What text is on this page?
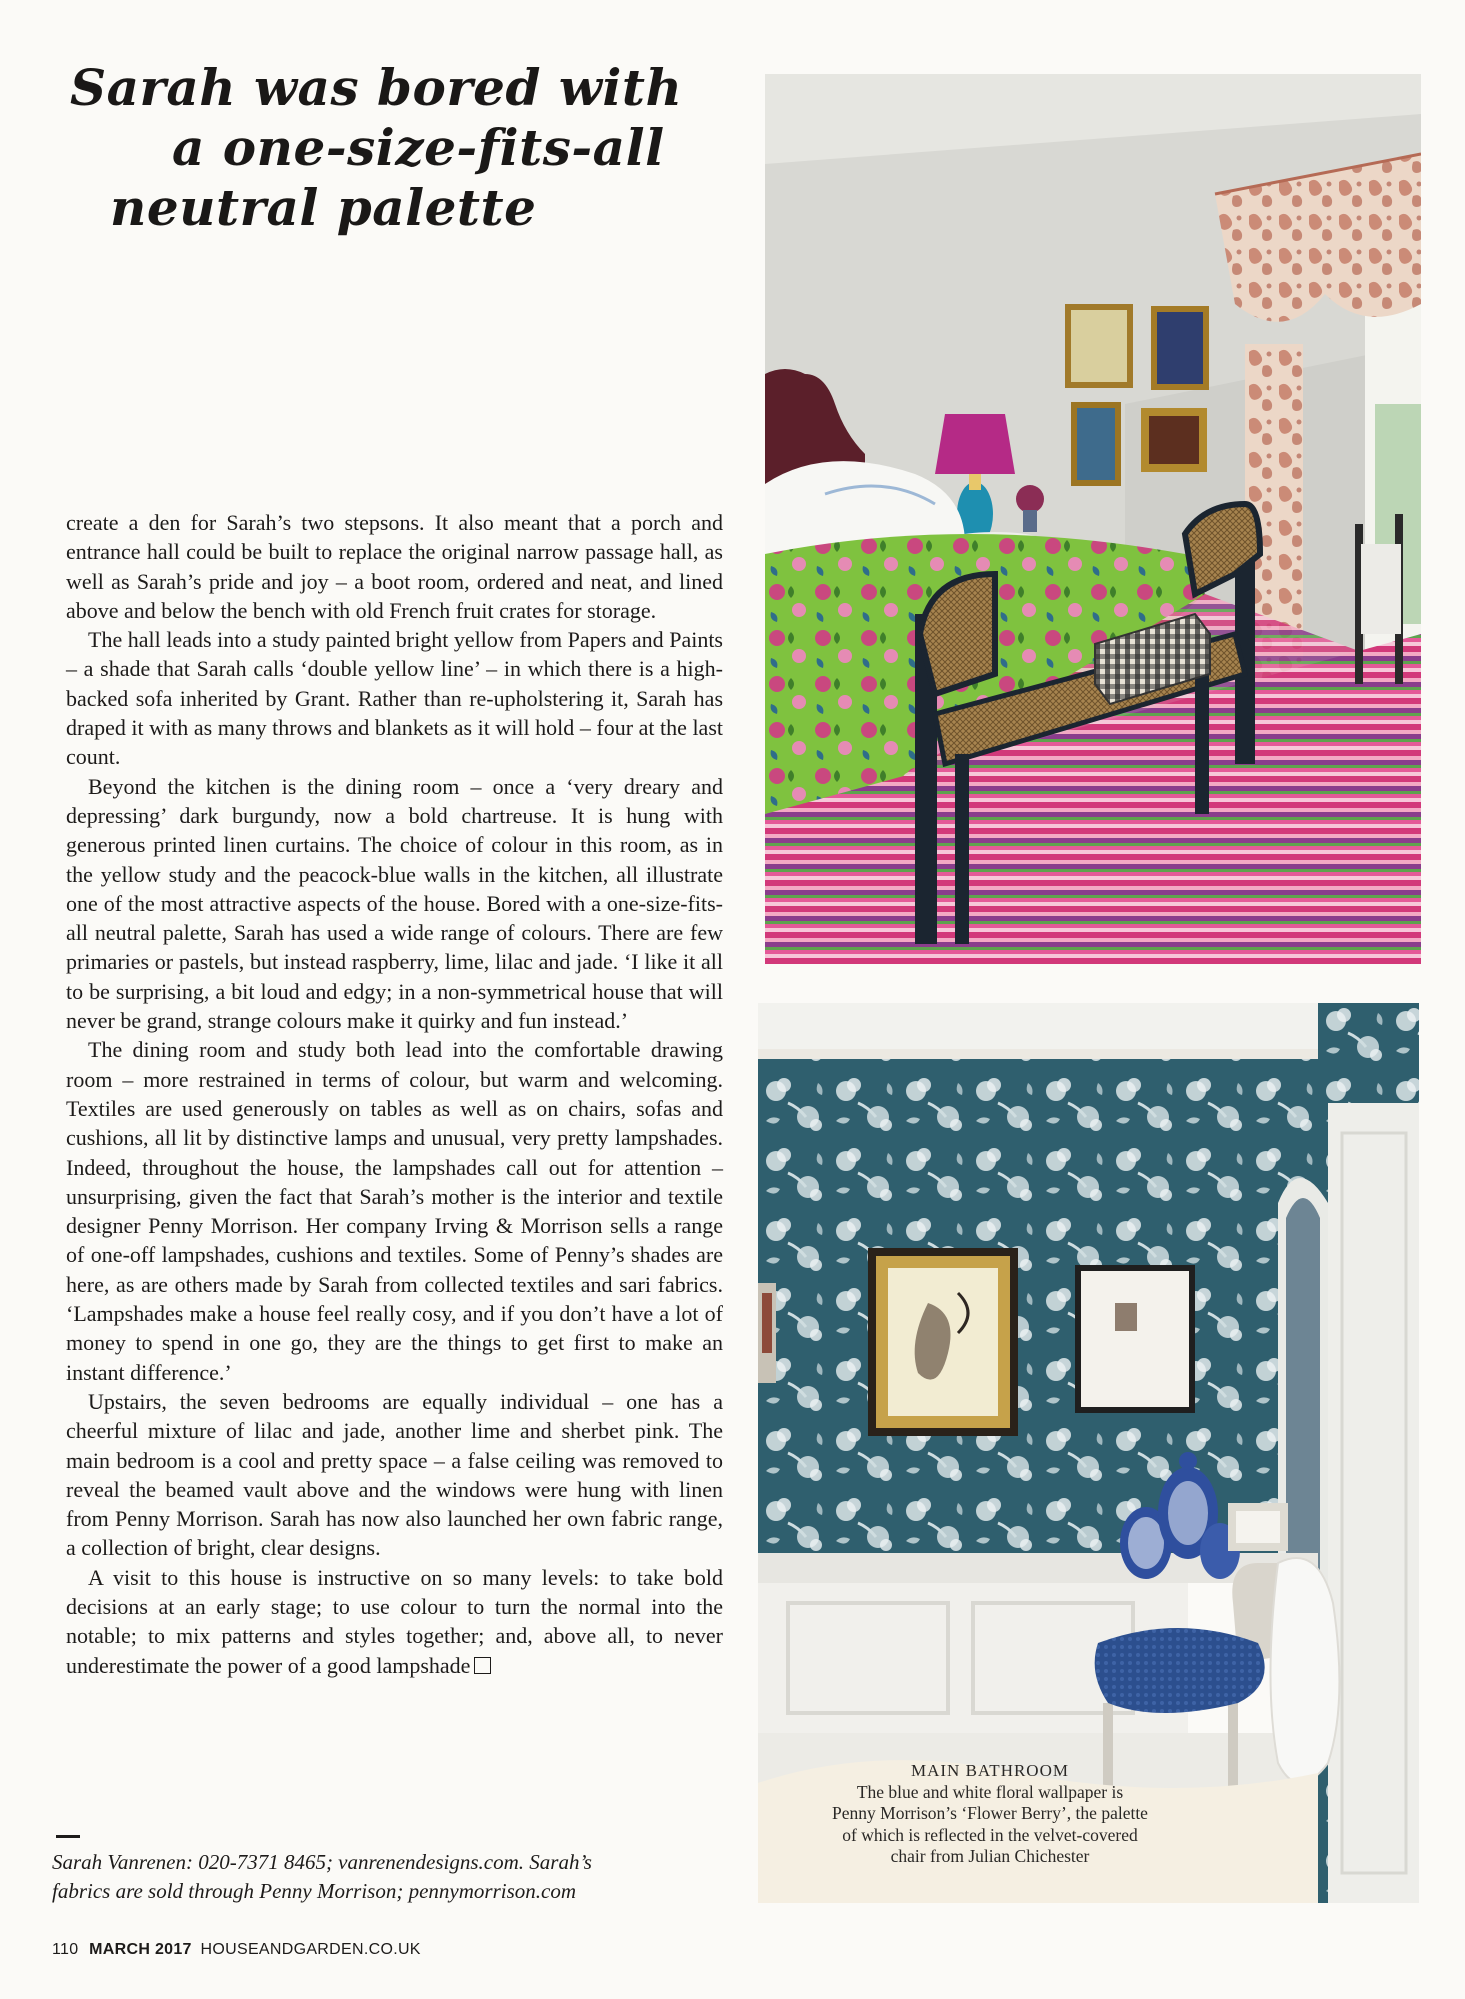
Sarah was bored with
a one-size-fits-all
neutral palette

create a den for Sarah’s two stepsons. It also meant that a porch and entrance hall could be built to replace the original narrow passage hall, as well as Sarah’s pride and joy – a boot room, ordered and neat, and lined above and below the bench with old French fruit crates for storage.

The hall leads into a study painted bright yellow from Papers and Paints – a shade that Sarah calls ‘double yellow line’ – in which there is a high-backed sofa inherited by Grant. Rather than re-upholstering it, Sarah has draped it with as many throws and blankets as it will hold – four at the last count.

Beyond the kitchen is the dining room – once a ‘very dreary and depressing’ dark burgundy, now a bold chartreuse. It is hung with generous printed linen curtains. The choice of colour in this room, as in the yellow study and the peacock-blue walls in the kitchen, all illustrate one of the most attractive aspects of the house. Bored with a one-size-fits-all neutral palette, Sarah has used a wide range of colours. There are few primaries or pastels, but instead raspberry, lime, lilac and jade. ‘I like it all to be surprising, a bit loud and edgy; in a non-symmetrical house that will never be grand, strange colours make it quirky and fun instead.’

The dining room and study both lead into the comfortable drawing room – more restrained in terms of colour, but warm and welcoming. Textiles are used generously on tables as well as on chairs, sofas and cushions, all lit by distinctive lamps and unusual, very pretty lampshades. Indeed, throughout the house, the lampshades call out for attention – unsurprising, given the fact that Sarah’s mother is the interior and textile designer Penny Morrison. Her company Irving & Morrison sells a range of one-off lampshades, cushions and textiles. Some of Penny’s shades are here, as are others made by Sarah from collected textiles and sari fabrics. ‘Lampshades make a house feel really cosy, and if you don’t have a lot of money to spend in one go, they are the things to get first to make an instant difference.’

Upstairs, the seven bedrooms are equally individual – one has a cheerful mixture of lilac and jade, another lime and sherbet pink. The main bedroom is a cool and pretty space – a false ceiling was removed to reveal the beamed vault above and the windows were hung with linen from Penny Morrison. Sarah has now also launched her own fabric range, a collection of bright, clear designs.

A visit to this house is instructive on so many levels: to take bold decisions at an early stage; to use colour to turn the normal into the notable; to mix patterns and styles together; and, above all, to never underestimate the power of a good lampshade

Sarah Vanrenen: 020-7371 8465; vanrenendesigns.com. Sarah’s
fabrics are sold through Penny Morrison; pennymorrison.com
110 MARCH 2017 HOUSEANDGARDEN.CO.UK
MAIN BATHROOM
The blue and white floral wallpaper is
Penny Morrison’s ‘Flower Berry’, the palette
of which is reflected in the velvet-covered
chair from Julian Chichester
